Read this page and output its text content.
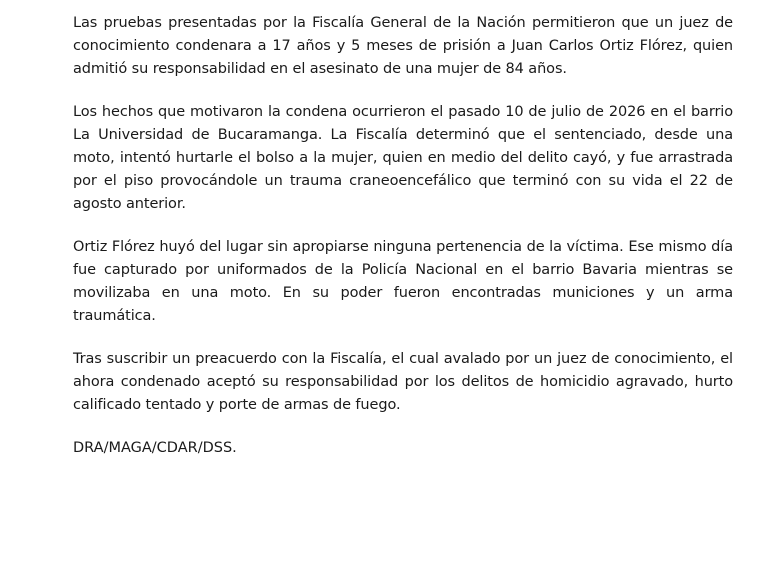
Las pruebas presentadas por la Fiscalía General de la Nación permitieron que un juez de conocimiento condenara a 17 años y 5 meses de prisión a Juan Carlos Ortiz Flórez, quien admitió su responsabilidad en el asesinato de una mujer de 84 años.

Los hechos que motivaron la condena ocurrieron el pasado 10 de julio de 2026 en el barrio La Universidad de Bucaramanga. La Fiscalía determinó que el sentenciado, desde una moto, intentó hurtarle el bolso a la mujer, quien en medio del delito cayó, y fue arrastrada por el piso provocándole un trauma craneoencefálico que terminó con su vida el 22 de agosto anterior.

Ortiz Flórez huyó del lugar sin apropiarse ninguna pertenencia de la víctima. Ese mismo día fue capturado por uniformados de la Policía Nacional en el barrio Bavaria mientras se movilizaba en una moto. En su poder fueron encontradas municiones y un arma traumática.

Tras suscribir un preacuerdo con la Fiscalía, el cual avalado por un juez de conocimiento, el ahora condenado aceptó su responsabilidad por los delitos de homicidio agravado, hurto calificado tentado y porte de armas de fuego.

DRA/MAGA/CDAR/DSS.
